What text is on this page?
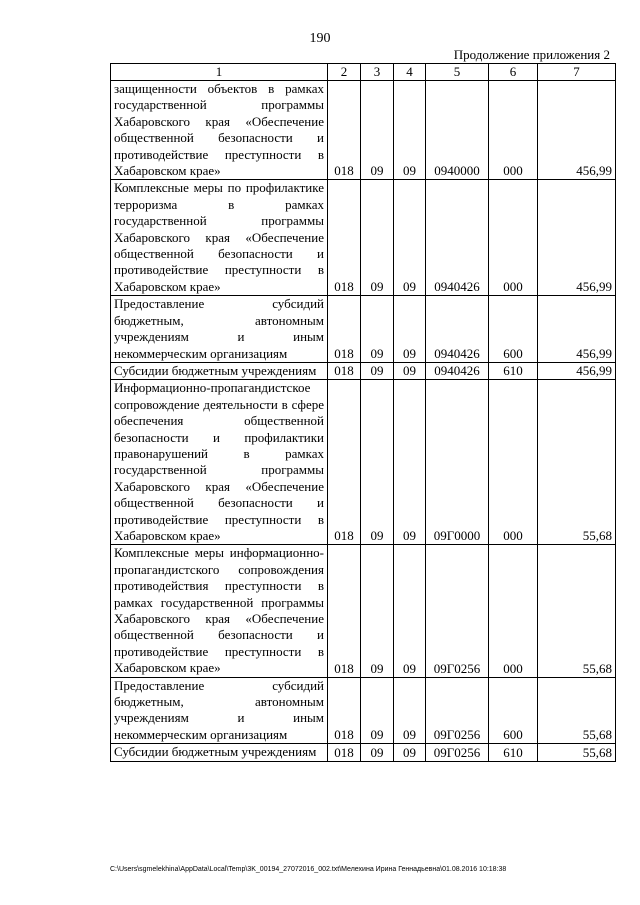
190
Продолжение приложения 2
1	2	3	4	5	6	7
защищенности объектов в рамках государственной программы Хабаровского края «Обеспечение общественной безопасности и противодействие преступности в Хабаровском крае»	018	09	09	0940000	000	456,99
Комплексные меры по профилактике терроризма в рамках государственной программы Хабаровского края «Обеспечение общественной безопасности и противодействие преступности в Хабаровском крае»	018	09	09	0940426	000	456,99
Предоставление субсидий бюджетным, автономным учреждениям и иным некоммерческим организациям	018	09	09	0940426	600	456,99
Субсидии бюджетным учреждениям	018	09	09	0940426	610	456,99
Информационно-пропагандистское сопровождение деятельности в сфере обеспечения общественной безопасности и профилактики правонарушений в рамках государственной программы Хабаровского края «Обеспечение общественной безопасности и противодействие преступности в Хабаровском крае»	018	09	09	09Г0000	000	55,68
Комплексные меры информационно-пропагандистского сопровождения противодействия преступности в рамках государственной программы Хабаровского края «Обеспечение общественной безопасности и противодействие преступности в Хабаровском крае»	018	09	09	09Г0256	000	55,68
Предоставление субсидий бюджетным, автономным учреждениям и иным некоммерческим организациям	018	09	09	09Г0256	600	55,68
Субсидии бюджетным учреждениям	018	09	09	09Г0256	610	55,68
C:\Users\sgmelekhina\AppData\Local\Temp\3K_00194_27072016_002.txt\Мелехина Ирина Геннадьевна\01.08.2016 10:18:38
